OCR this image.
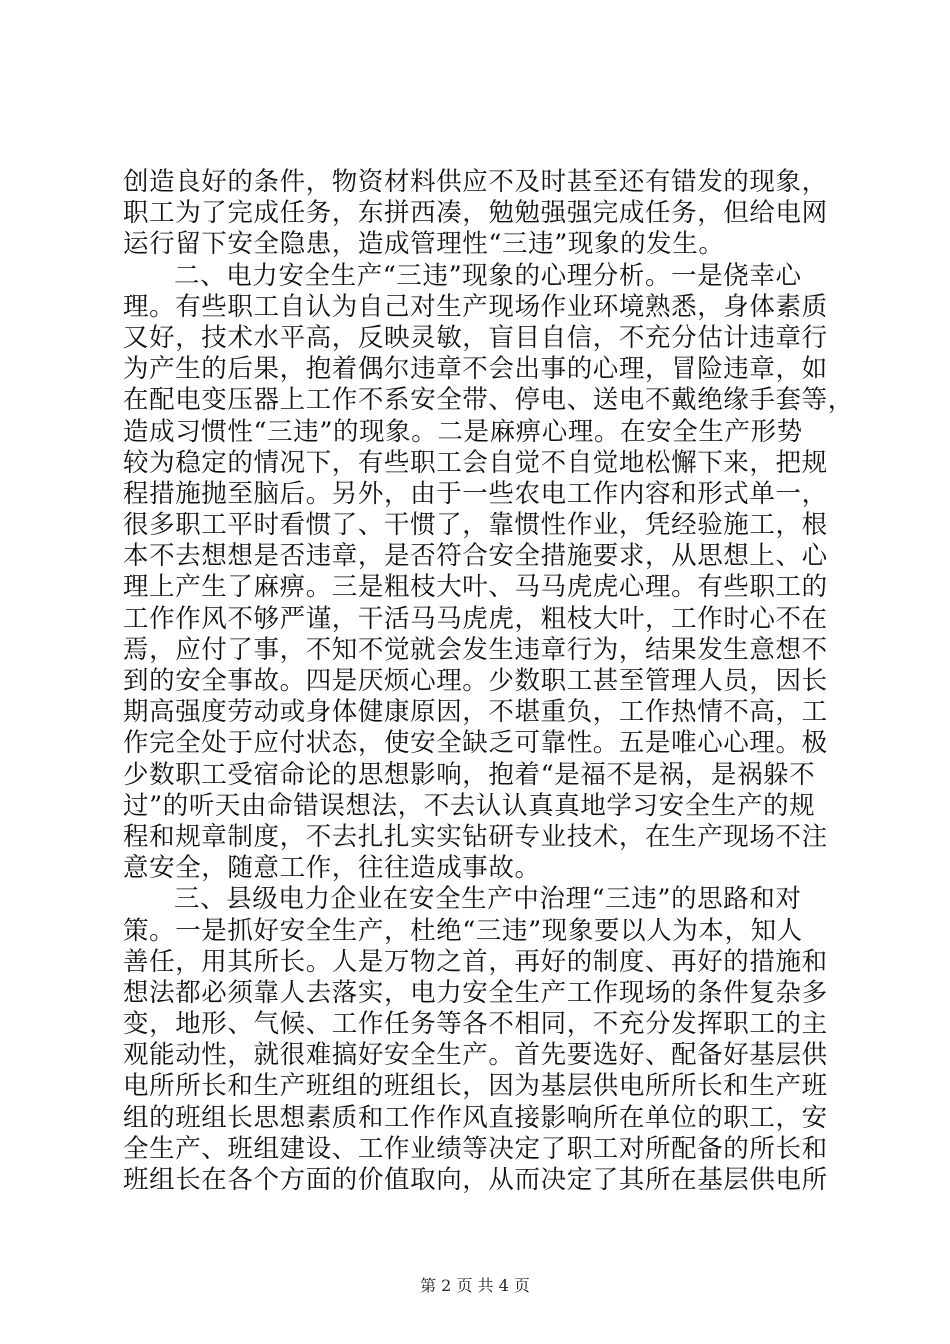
创造良好的条件，物资材料供应不及时甚至还有错发的现象，
职工为了完成任务，东拼西凑，勉勉强强完成任务，但给电网
运行留下安全隐患，造成管理性“三违”现象的发生。
二、电力安全生产“三违”现象的心理分析。一是侥幸心
理。有些职工自认为自己对生产现场作业环境熟悉，身体素质
又好，技术水平高，反映灵敏，盲目自信，不充分估计违章行
为产生的后果，抱着偶尔违章不会出事的心理，冒险违章，如
在配电变压器上工作不系安全带、停电、送电不戴绝缘手套等，
造成习惯性“三违”的现象。二是麻痹心理。在安全生产形势
较为稳定的情况下，有些职工会自觉不自觉地松懈下来，把规
程措施抛至脑后。另外，由于一些农电工作内容和形式单一，
很多职工平时看惯了、干惯了，靠惯性作业，凭经验施工，根
本不去想想是否违章，是否符合安全措施要求，从思想上、心
理上产生了麻痹。三是粗枝大叶、马马虎虎心理。有些职工的
工作作风不够严谨，干活马马虎虎，粗枝大叶，工作时心不在
焉，应付了事，不知不觉就会发生违章行为，结果发生意想不
到的安全事故。四是厌烦心理。少数职工甚至管理人员，因长
期高强度劳动或身体健康原因，不堪重负，工作热情不高，工
作完全处于应付状态，使安全缺乏可靠性。五是唯心心理。极
少数职工受宿命论的思想影响，抱着“是福不是祸，是祸躲不
过”的听天由命错误想法，不去认认真真地学习安全生产的规
程和规章制度，不去扎扎实实钻研专业技术，在生产现场不注
意安全，随意工作，往往造成事故。
三、县级电力企业在安全生产中治理“三违”的思路和对
策。一是抓好安全生产，杜绝“三违”现象要以人为本，知人
善任，用其所长。人是万物之首，再好的制度、再好的措施和
想法都必须靠人去落实，电力安全生产工作现场的条件复杂多
变，地形、气候、工作任务等各不相同，不充分发挥职工的主
观能动性，就很难搞好安全生产。首先要选好、配备好基层供
电所所长和生产班组的班组长，因为基层供电所所长和生产班
组的班组长思想素质和工作作风直接影响所在单位的职工，安
全生产、班组建设、工作业绩等决定了职工对所配备的所长和
班组长在各个方面的价值取向，从而决定了其所在基层供电所
第 2 页 共 4 页
